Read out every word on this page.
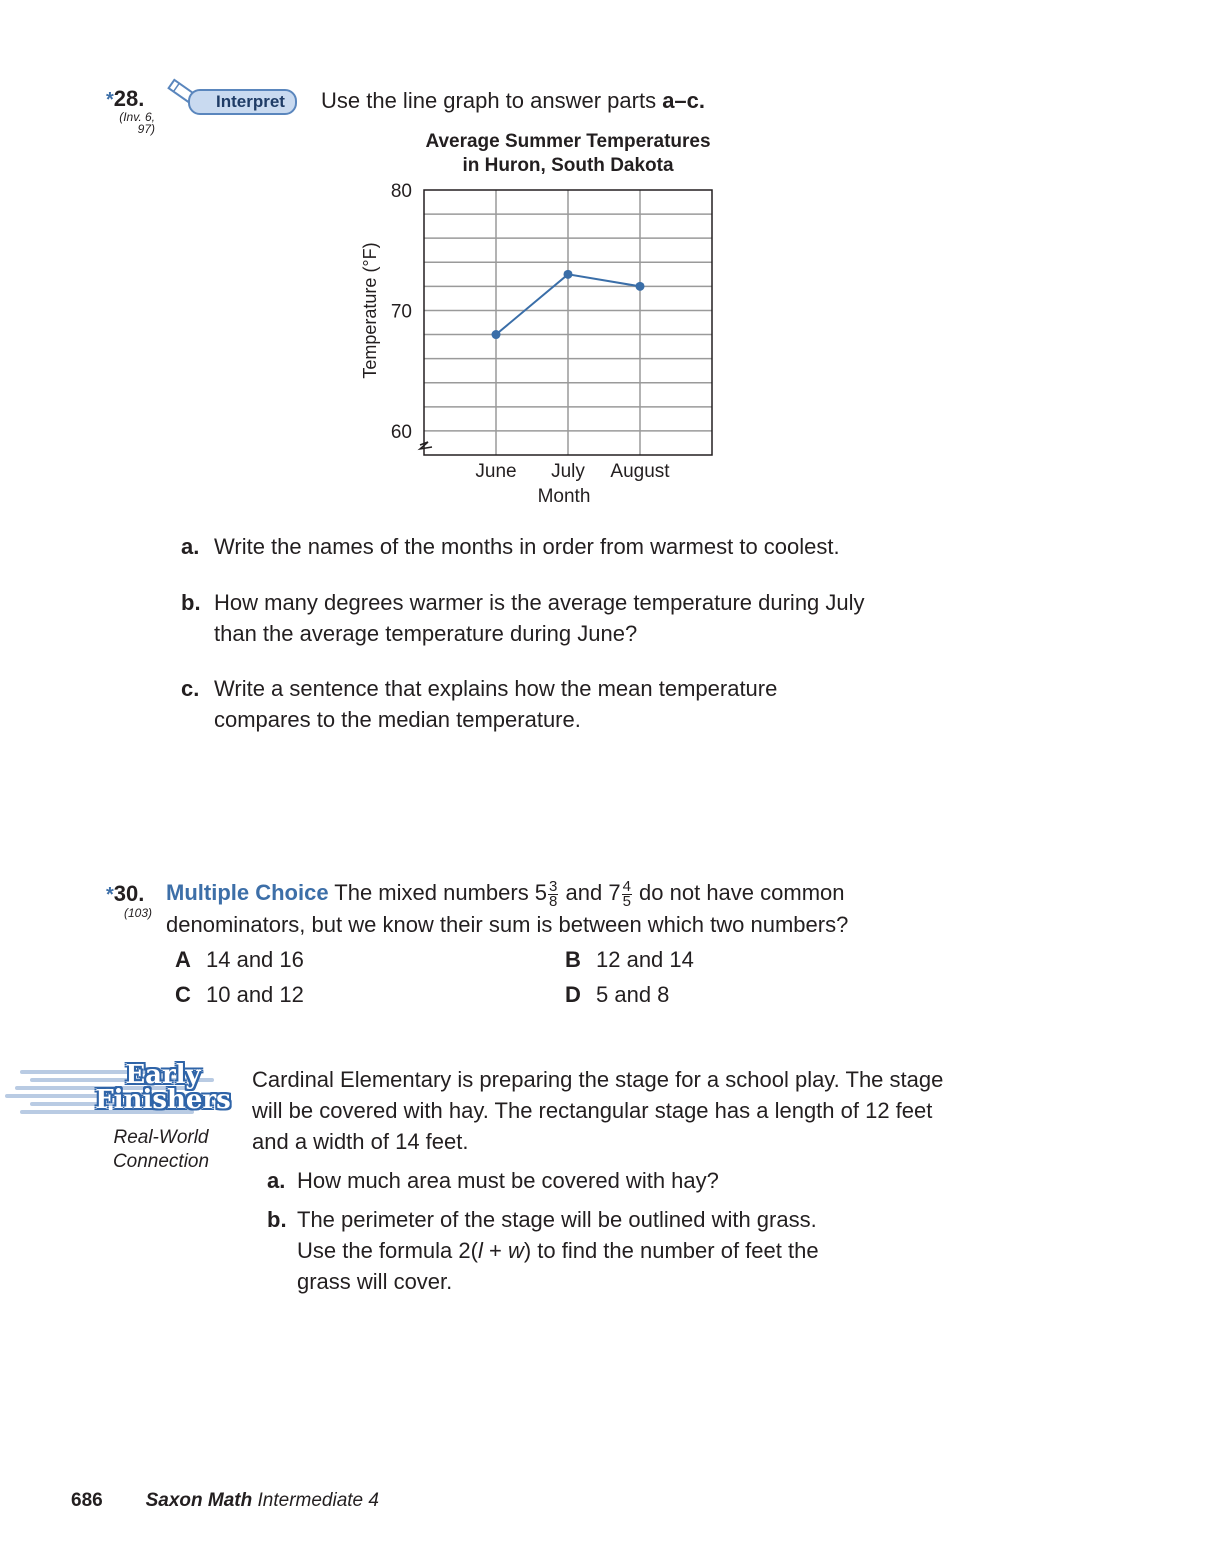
*28.
(Inv. 6,
97)
Interpret	Use the line graph to answer parts a–c.
Average Summer Temperatures
in Huron, South Dakota
60
70
80
June July August
Temperature (°F)
Month
a. Write the names of the months in order from warmest to coolest.
b. How many degrees warmer is the average temperature during July
than the average temperature during June?
c. Write a sentence that explains how the mean temperature
compares to the median temperature.
*30.
(103)
Multiple Choice The mixed numbers $5 \frac{3}{8}$ and $7 \frac{4}{5}$ do not have common
denominators, but we know their sum is between which two numbers?
A 14 and 16	B 12 and 14
C 10 and 12	D 5 and 8
Early
Finishers
Real-World
Connection
Cardinal Elementary is preparing the stage for a school play. The stage
will be covered with hay. The rectangular stage has a length of 12 feet
and a width of 14 feet.
a. How much area must be covered with hay?
b. The perimeter of the stage will be outlined with grass.
Use the formula 2(l + w) to find the number of feet the
grass will cover.
686 Saxon Math Intermediate 4
